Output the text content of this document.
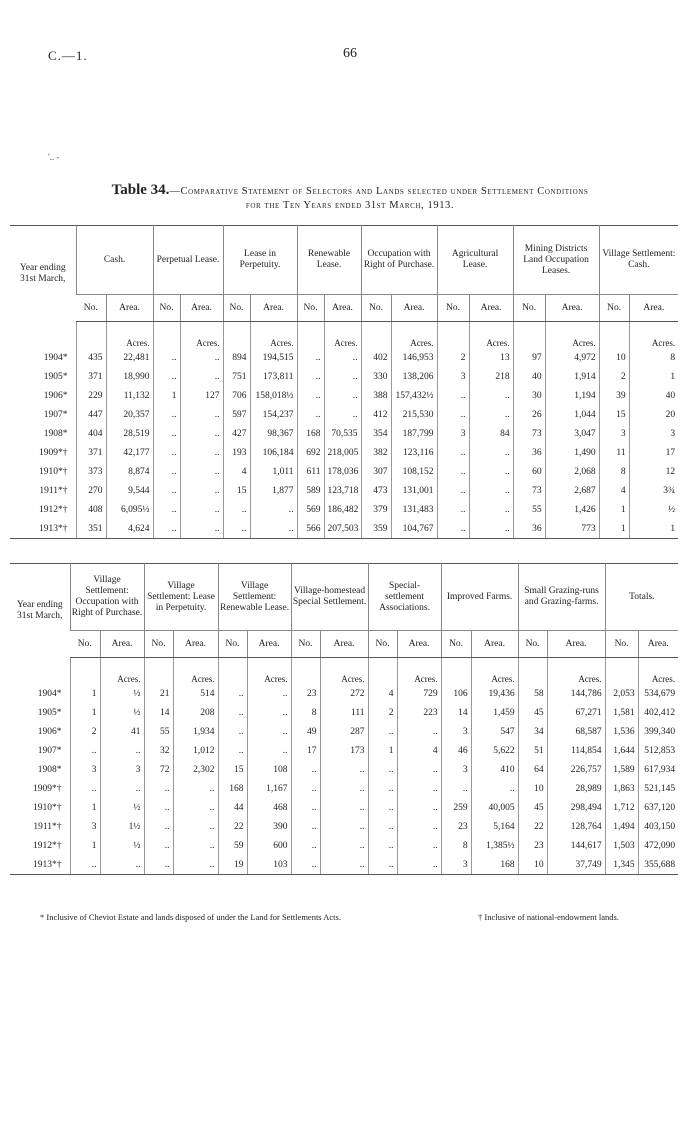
C.—1.	66
'.. -
Table 34.—Comparative Statement of Selectors and Lands selected under Settlement Conditions
for the Ten Years ended 31st March, 1913.
Year ending 31st March,	Cash.		Perpetual Lease.		Lease in Perpetuity.		Renewable Lease.		Occupation with Right of Purchase.		Agricultural Lease.		Mining Districts Land Occupation Leases.		Village Settlement: Cash.	
	No.	Area.	No.	Area.	No.	Area.	No.	Area.	No.	Area.	No.	Area.	No.	Area.	No.	Area.
		Acres.		Acres.		Acres.		Acres.		Acres.		Acres.		Acres.		Acres.
1904*	435	22,481	..	..	894	194,515	..	..	402	146,953	2	13	97	4,972	10	8
1905*	371	18,990	..	..	751	173,811	..	..	330	138,206	3	218	40	1,914	2	1
1906*	229	11,132	1	127	706	158,018½	..	..	388	157,432½	..	..	30	1,194	39	40
1907*	447	20,357	..	..	597	154,237	..	..	412	215,530	..	..	26	1,044	15	20
1908*	404	28,519	..	..	427	98,367	168	70,535	354	187,799	3	84	73	3,047	3	3
1909*†	371	42,177	..	..	193	106,184	692	218,005	382	123,116	..	..	36	1,490	11	17
1910*†	373	8,874	..	..	4	1,011	611	178,036	307	108,152	..	..	60	2,068	8	12
1911*†	270	9,544	..	..	15	1,877	589	123,718	473	131,001	..	..	73	2,687	4	3¾
1912*†	408	6,095½	..	..	..	..	569	186,482	379	131,483	..	..	55	1,426	1	½
1913*†	351	4,624	..	..	..	..	566	207,503	359	104,767	..	..	36	773	1	1
Year ending 31st March,	Village Settlement: Occupation with Right of Purchase.		Village Settlement: Lease in Perpetuity.		Village Settlement: Renewable Lease.		Village-homestead Special Settlement.		Special-settlement Associations.		Improved Farms.		Small Grazing-runs and Grazing-farms.		Totals.	
	No.	Area.	No.	Area.	No.	Area.	No.	Area.	No.	Area.	No.	Area.	No.	Area.	No.	Area.
		Acres.		Acres.		Acres.		Acres.		Acres.		Acres.		Acres.		Acres.
1904*	1	½	21	514	..	..	23	272	4	729	106	19,436	58	144,786	2,053	534,679
1905*	1	½	14	208	..	..	8	111	2	223	14	1,459	45	67,271	1,581	402,412
1906*	2	41	55	1,934	..	..	49	287	..	..	3	547	34	68,587	1,536	399,340
1907*	..	..	32	1,012	..	..	17	173	1	4	46	5,622	51	114,854	1,644	512,853
1908*	3	3	72	2,302	15	108	..	..	..	..	3	410	64	226,757	1,589	617,934
1909*†	..	..	..	..	168	1,167	..	..	..	..	..	..	10	28,989	1,863	521,145
1910*†	1	½	..	..	44	468	..	..	..	..	259	40,005	45	298,494	1,712	637,120
1911*†	3	1½	..	..	22	390	..	..	..	..	23	5,164	22	128,764	1,494	403,150
1912*†	1	½	..	..	59	600	..	..	..	..	8	1,385½	23	144,617	1,503	472,090
1913*†	..	..	..	..	19	103	..	..	..	..	3	168	10	37,749	1,345	355,688
* Inclusive of Cheviot Estate and lands disposed of under the Land for Settlements Acts.	† Inclusive of national-endowment lands.
